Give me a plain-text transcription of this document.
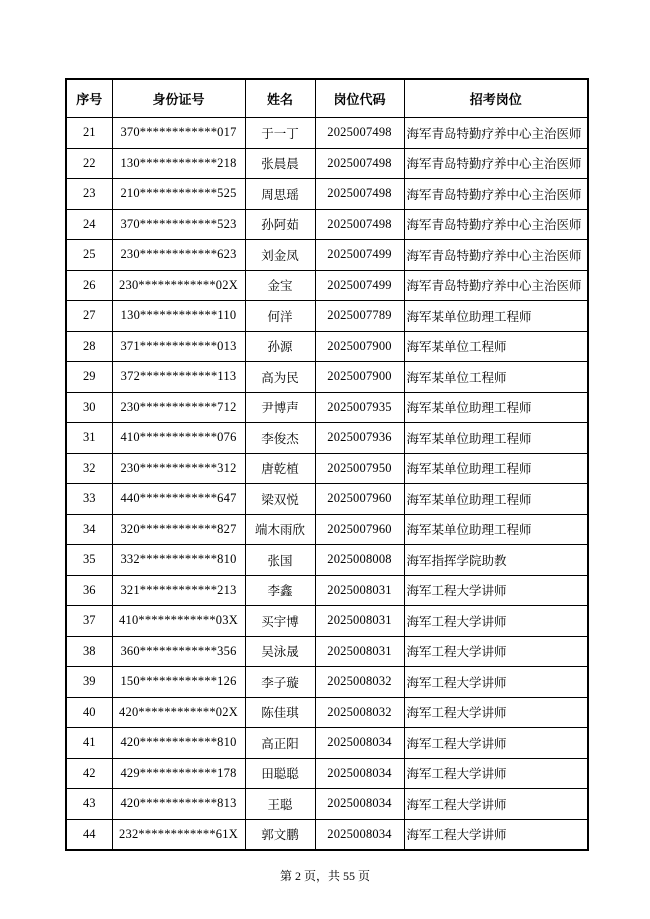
序号	身份证号	姓名	岗位代码	招考岗位
21	370************017	于一丁	2025007498	海军青岛特勤疗养中心主治医师
22	130************218	张晨晨	2025007498	海军青岛特勤疗养中心主治医师
23	210************525	周思瑶	2025007498	海军青岛特勤疗养中心主治医师
24	370************523	孙阿茹	2025007498	海军青岛特勤疗养中心主治医师
25	230************623	刘金凤	2025007499	海军青岛特勤疗养中心主治医师
26	230************02X	金宝	2025007499	海军青岛特勤疗养中心主治医师
27	130************110	何洋	2025007789	海军某单位助理工程师
28	371************013	孙源	2025007900	海军某单位工程师
29	372************113	高为民	2025007900	海军某单位工程师
30	230************712	尹博声	2025007935	海军某单位助理工程师
31	410************076	李俊杰	2025007936	海军某单位助理工程师
32	230************312	唐乾植	2025007950	海军某单位助理工程师
33	440************647	梁双悦	2025007960	海军某单位助理工程师
34	320************827	端木雨欣	2025007960	海军某单位助理工程师
35	332************810	张国	2025008008	海军指挥学院助教
36	321************213	李鑫	2025008031	海军工程大学讲师
37	410************03X	买宇博	2025008031	海军工程大学讲师
38	360************356	吴泳晟	2025008031	海军工程大学讲师
39	150************126	李子璇	2025008032	海军工程大学讲师
40	420************02X	陈佳琪	2025008032	海军工程大学讲师
41	420************810	高正阳	2025008034	海军工程大学讲师
42	429************178	田聪聪	2025008034	海军工程大学讲师
43	420************813	王聪	2025008034	海军工程大学讲师
44	232************61X	郭文鹏	2025008034	海军工程大学讲师
第 2 页，共 55 页
